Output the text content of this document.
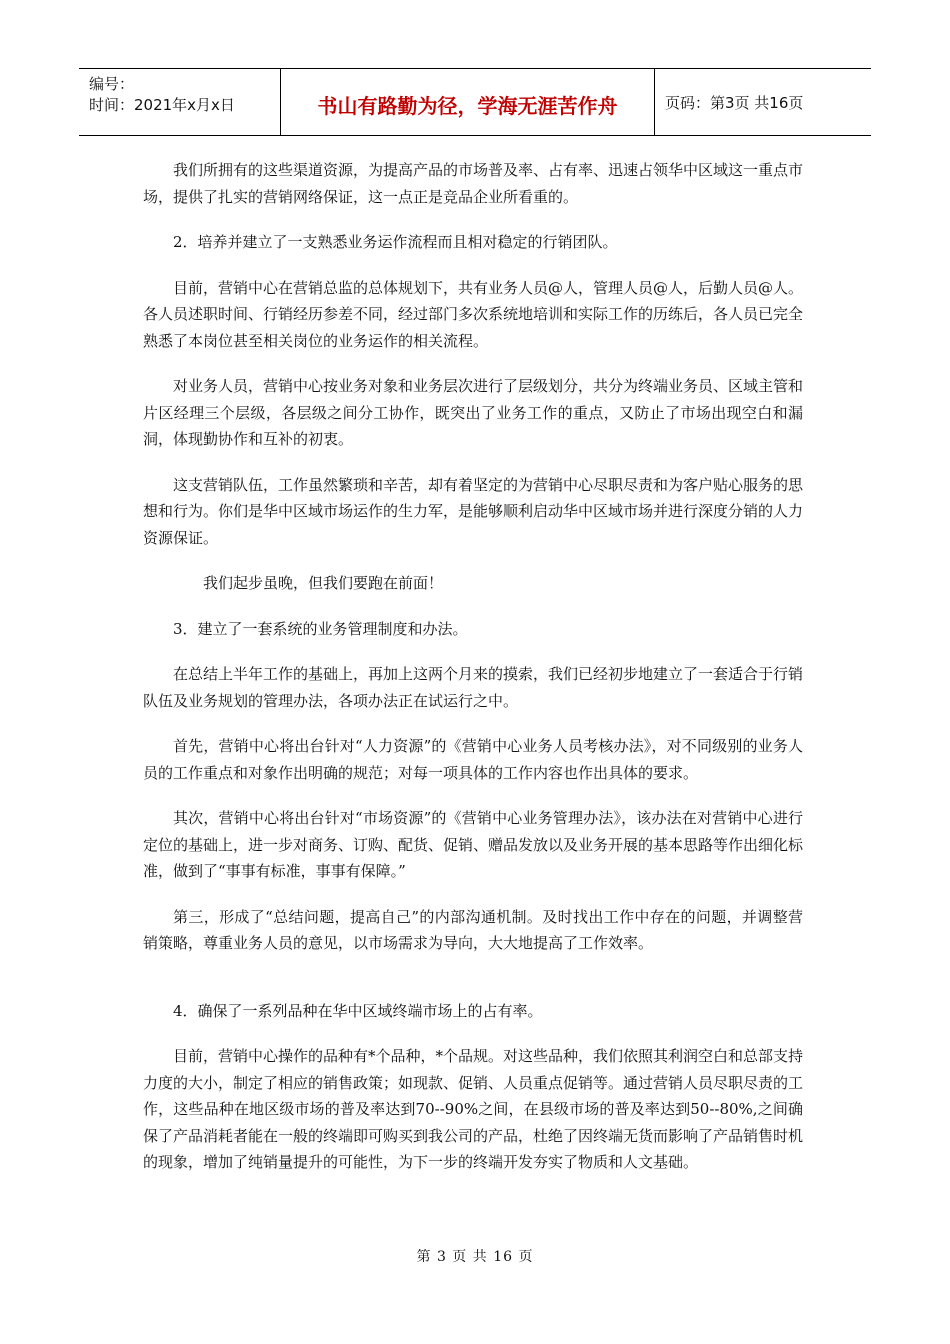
编号：
时间：2021年x月x日	书山有路勤为径，学海无涯苦作舟	页码：第3页 共16页

我们所拥有的这些渠道资源，为提高产品的市场普及率、占有率、迅速占领华中区域这一重点市场，提供了扎实的营销网络保证，这一点正是竞品企业所看重的。

2．培养并建立了一支熟悉业务运作流程而且相对稳定的行销团队。

目前，营销中心在营销总监的总体规划下，共有业务人员@人，管理人员@人，后勤人员@人。各人员述职时间、行销经历参差不同，经过部门多次系统地培训和实际工作的历练后，各人员已完全熟悉了本岗位甚至相关岗位的业务运作的相关流程。

对业务人员，营销中心按业务对象和业务层次进行了层级划分，共分为终端业务员、区域主管和片区经理三个层级，各层级之间分工协作，既突出了业务工作的重点，又防止了市场出现空白和漏洞，体现勤协作和互补的初衷。

这支营销队伍，工作虽然繁琐和辛苦，却有着坚定的为营销中心尽职尽责和为客户贴心服务的思想和行为。你们是华中区域市场运作的生力军，是能够顺利启动华中区域市场并进行深度分销的人力资源保证。

我们起步虽晚，但我们要跑在前面！

3．建立了一套系统的业务管理制度和办法。

在总结上半年工作的基础上，再加上这两个月来的摸索，我们已经初步地建立了一套适合于行销队伍及业务规划的管理办法，各项办法正在试运行之中。

首先，营销中心将出台针对“人力资源”的《营销中心业务人员考核办法》，对不同级别的业务人员的工作重点和对象作出明确的规范；对每一项具体的工作内容也作出具体的要求。

其次，营销中心将出台针对“市场资源”的《营销中心业务管理办法》，该办法在对营销中心进行定位的基础上，进一步对商务、订购、配货、促销、赠品发放以及业务开展的基本思路等作出细化标准，做到了“事事有标准，事事有保障。”

第三，形成了“总结问题，提高自己”的内部沟通机制。及时找出工作中存在的问题，并调整营销策略，尊重业务人员的意见，以市场需求为导向，大大地提高了工作效率。

4．确保了一系列品种在华中区域终端市场上的占有率。

目前，营销中心操作的品种有*个品种，*个品规。对这些品种，我们依照其利润空白和总部支持力度的大小，制定了相应的销售政策；如现款、促销、人员重点促销等。通过营销人员尽职尽责的工作，这些品种在地区级市场的普及率达到70--90%之间，在县级市场的普及率达到50--80%,之间确保了产品消耗者能在一般的终端即可购买到我公司的产品，杜绝了因终端无货而影响了产品销售时机的现象，增加了纯销量提升的可能性，为下一步的终端开发夯实了物质和人文基础。

第 3 页 共 16 页
